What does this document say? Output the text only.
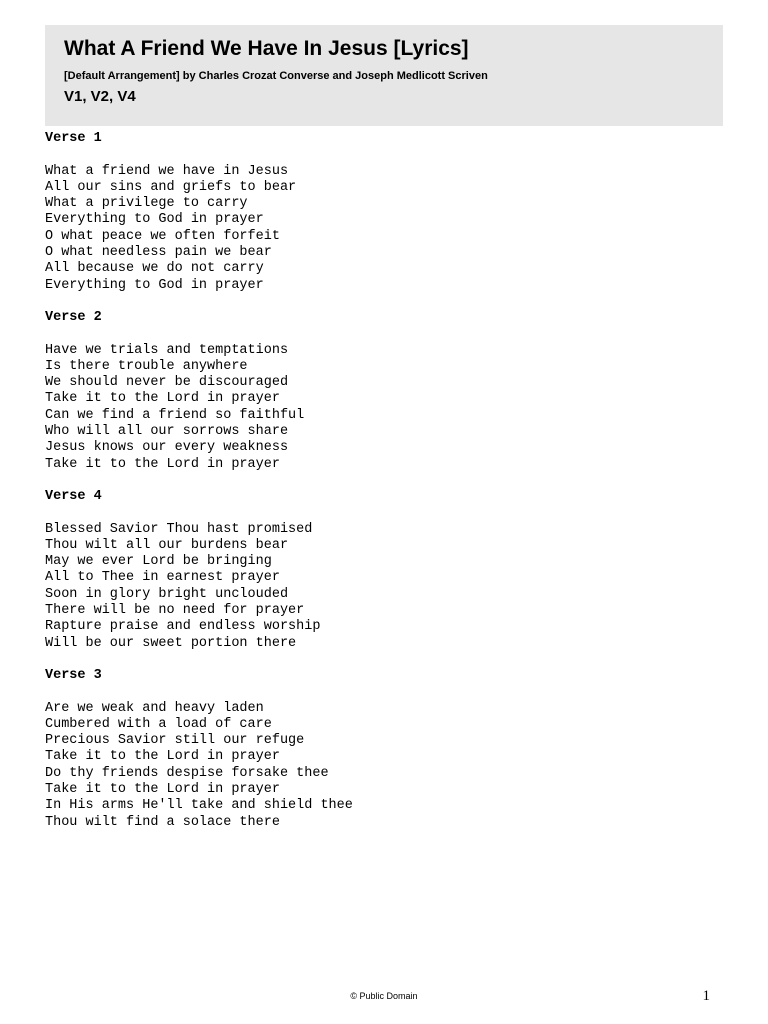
What A Friend We Have In Jesus [Lyrics]
[Default Arrangement] by Charles Crozat Converse and Joseph Medlicott Scriven
V1, V2, V4
Verse 1
What a friend we have in Jesus
All our sins and griefs to bear
What a privilege to carry
Everything to God in prayer
O what peace we often forfeit
O what needless pain we bear
All because we do not carry
Everything to God in prayer
Verse 2
Have we trials and temptations
Is there trouble anywhere
We should never be discouraged
Take it to the Lord in prayer
Can we find a friend so faithful
Who will all our sorrows share
Jesus knows our every weakness
Take it to the Lord in prayer
Verse 4
Blessed Savior Thou hast promised
Thou wilt all our burdens bear
May we ever Lord be bringing
All to Thee in earnest prayer
Soon in glory bright unclouded
There will be no need for prayer
Rapture praise and endless worship
Will be our sweet portion there
Verse 3
Are we weak and heavy laden
Cumbered with a load of care
Precious Savior still our refuge
Take it to the Lord in prayer
Do thy friends despise forsake thee
Take it to the Lord in prayer
In His arms He'll take and shield thee
Thou wilt find a solace there
© Public Domain	1
